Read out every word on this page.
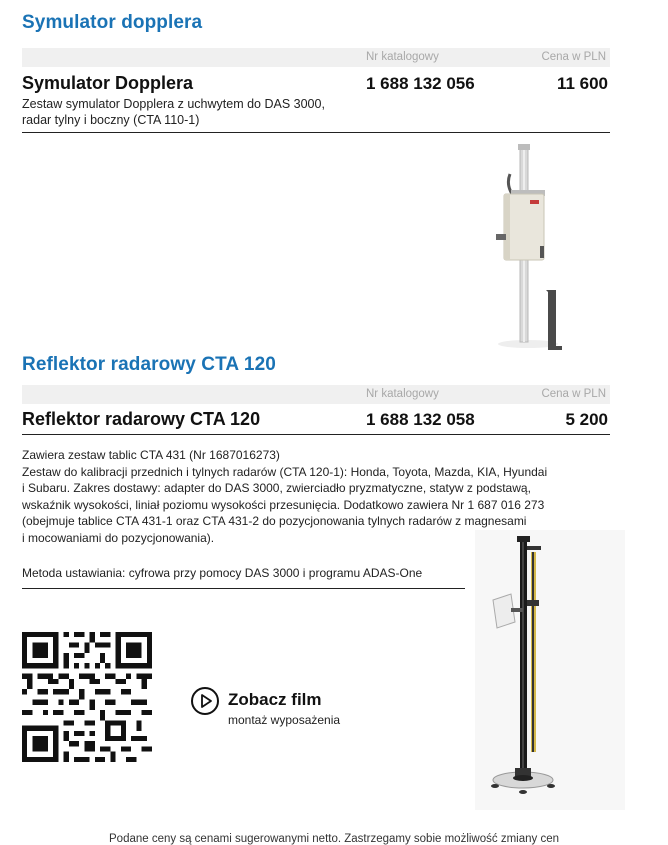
Symulator dopplera
Nr katalogowy	Cena w PLN
Symulator Dopplera	1 688 132 056	11 600
Zestaw symulator Dopplera z uchwytem do DAS 3000,
radar tylny i boczny (CTA 110-1)
Reflektor radarowy CTA 120
Nr katalogowy	Cena w PLN
Reflektor radarowy CTA 120	1 688 132 058	5 200
Zawiera zestaw tablic CTA 431 (Nr 1687016273)
Zestaw do kalibracji przednich i tylnych radarów (CTA 120-1): Honda, Toyota, Mazda, KIA, Hyundai
i Subaru. Zakres dostawy: adapter do DAS 3000, zwierciadło pryzmatyczne, statyw z podstawą,
wskaźnik wysokości, liniał poziomu wysokości przesunięcia. Dodatkowo zawiera Nr 1 687 016 273
(obejmuje tablice CTA 431-1 oraz CTA 431-2 do pozycjonowania tylnych radarów z magnesami
i mocowaniami do pozycjonowania).
Metoda ustawiania: cyfrowa przy pomocy DAS 3000 i programu ADAS-One
Zobacz film
montaż wyposażenia
Podane ceny są cenami sugerowanymi netto. Zastrzegamy sobie możliwość zmiany cen
